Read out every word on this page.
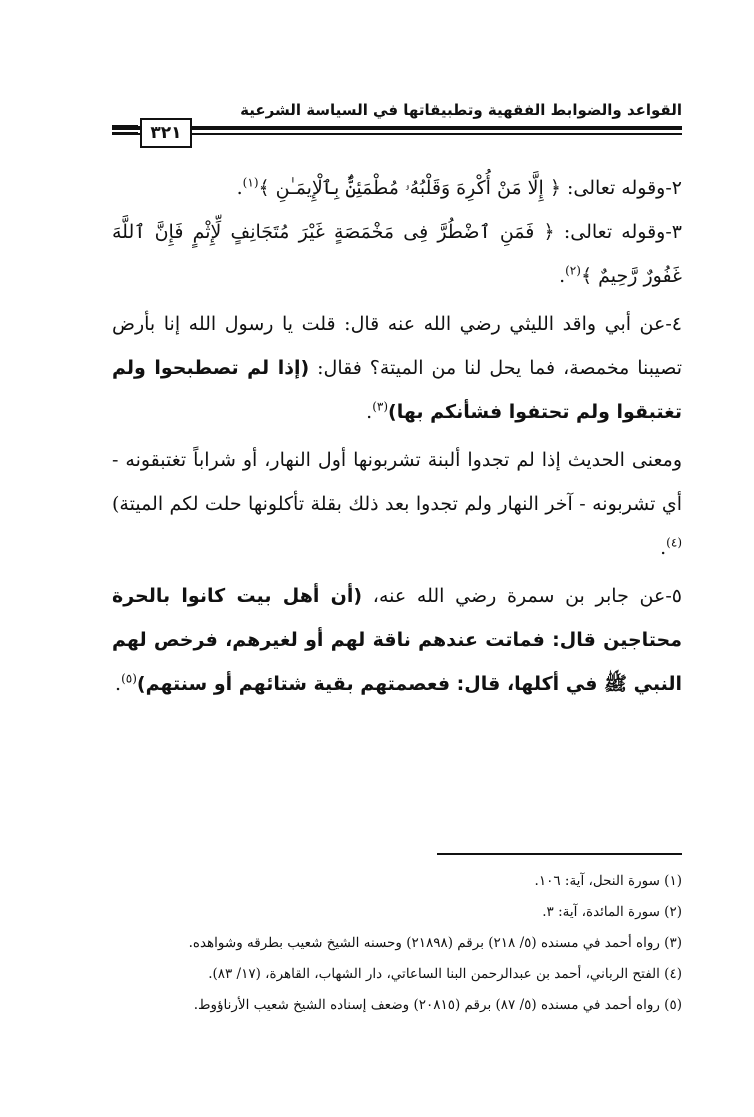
القواعد والضوابط الفقهية وتطبيقاتها في السياسة الشرعية
٣٢١

٢-وقوله تعالى: ﴿ إِلَّا مَنْ أُكْرِهَ وَقَلْبُهُۥ مُطْمَئِنٌّۢ بِٱلْإِيمَـٰنِ ﴾$^{(١)}$.

٣-وقوله تعالى: ﴿ فَمَنِ ٱضْطُرَّ فِى مَخْمَصَةٍ غَيْرَ مُتَجَانِفٍ لِّإِثْمٍ فَإِنَّ ٱللَّهَ غَفُورٌ رَّحِيمٌ ﴾$^{(٢)}$.

٤-عن أبي واقد الليثي رضي الله عنه قال: قلت يا رسول الله إنا بأرض تصيبنا مخمصة، فما يحل لنا من الميتة؟ فقال: (إذا لم تصطبحوا ولم تغتبقوا ولم تحتفوا فشأنكم بها)$^{(٣)}$.

ومعنى الحديث إذا لم تجدوا ألبنة تشربونها أول النهار، أو شراباً تغتبقونه - أي تشربونه - آخر النهار ولم تجدوا بعد ذلك بقلة تأكلونها حلت لكم الميتة)$^{(٤)}$.

٥-عن جابر بن سمرة رضي الله عنه، (أن أهل بيت كانوا بالحرة محتاجين قال: فماتت عندهم ناقة لهم أو لغيرهم، فرخص لهم النبي ﷺ في أكلها، قال: فعصمتهم بقية شتائهم أو سنتهم)$^{(٥)}$.

(١) سورة النحل، آية: ١٠٦.
(٢) سورة المائدة، آية: ٣.
(٣) رواه أحمد في مسنده (٥/ ٢١٨) برقم (٢١٨٩٨) وحسنه الشيخ شعيب بطرقه وشواهده.
(٤) الفتح الرباني، أحمد بن عبدالرحمن البنا الساعاتي، دار الشهاب، القاهرة، (١٧/ ٨٣).
(٥) رواه أحمد في مسنده (٥/ ٨٧) برقم (٢٠٨١٥) وضعف إسناده الشيخ شعيب الأرناؤوط.
